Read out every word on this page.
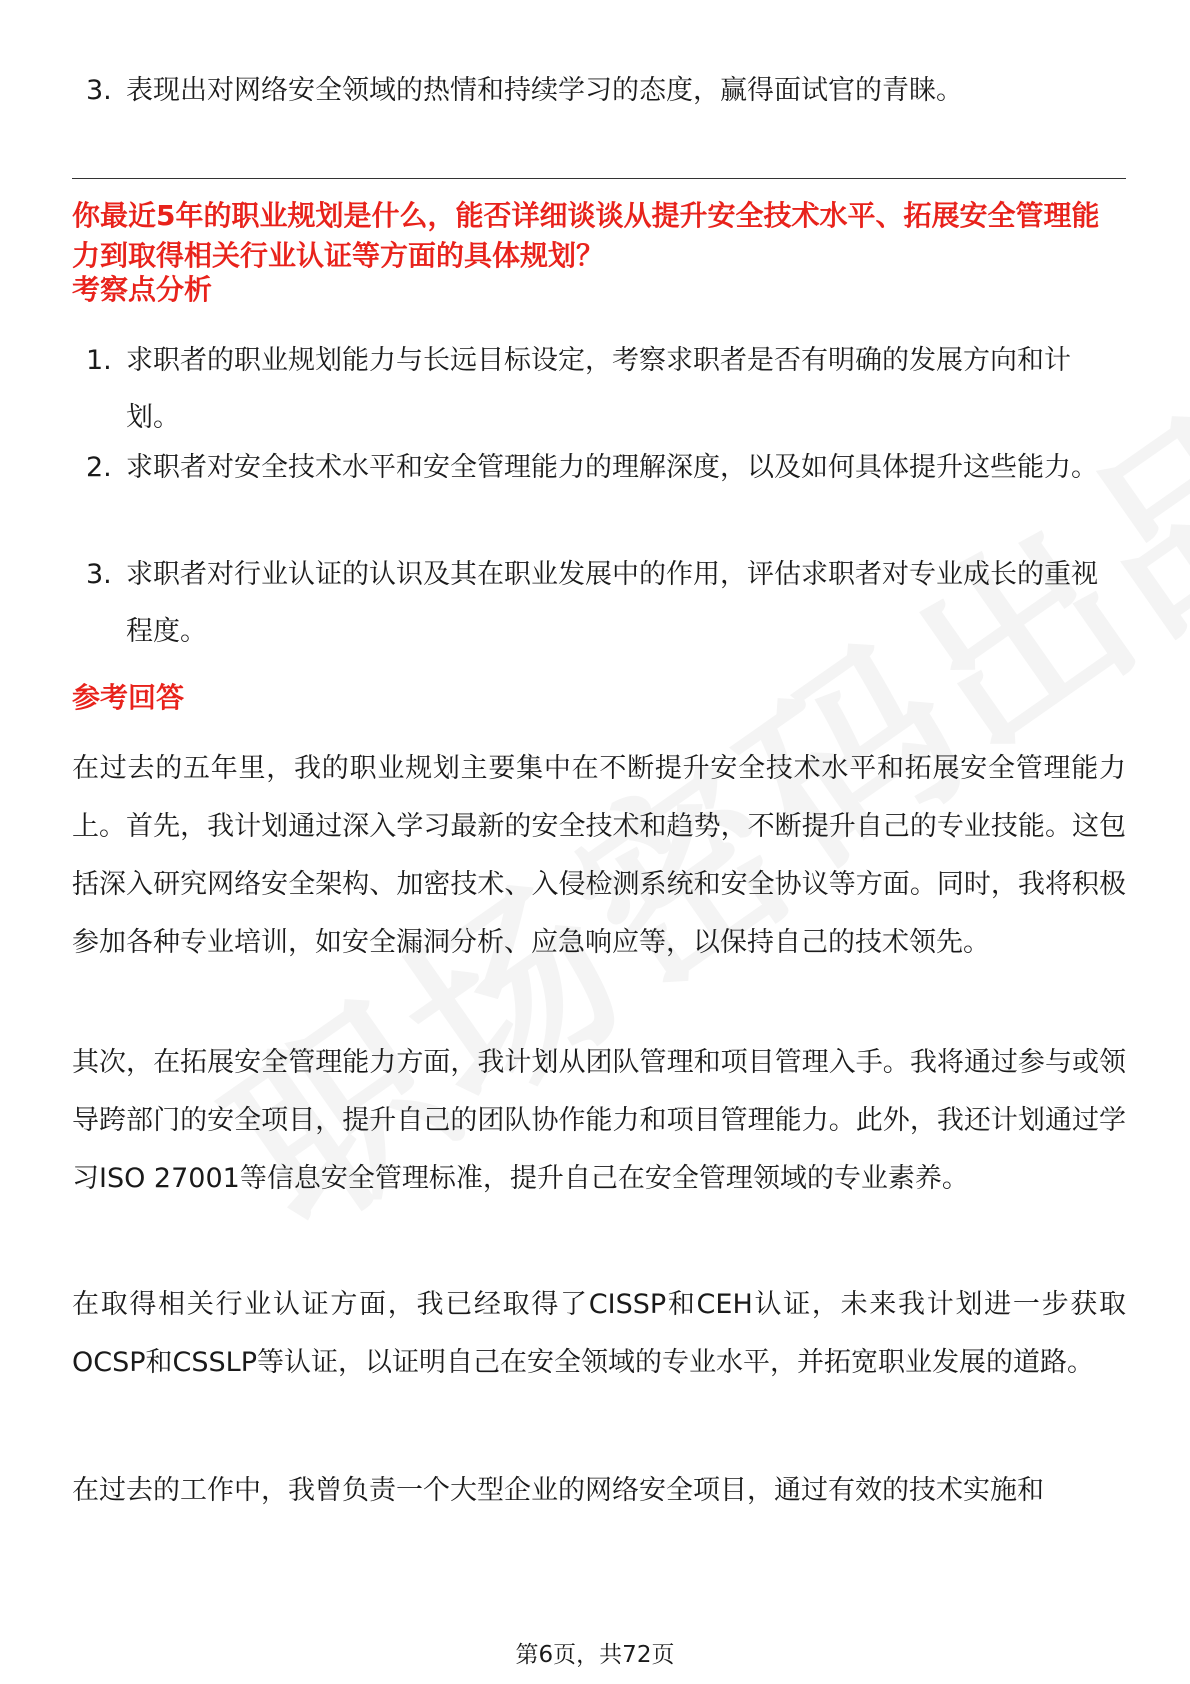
3. 表现出对网络安全领域的热情和持续学习的态度，赢得面试官的青睐。
你最近5年的职业规划是什么，能否详细谈谈从提升安全技术水平、拓展安全管理能力到取得相关行业认证等方面的具体规划？
考察点分析
1. 求职者的职业规划能力与长远目标设定，考察求职者是否有明确的发展方向和计划。
2. 求职者对安全技术水平和安全管理能力的理解深度，以及如何具体提升这些能力。
3. 求职者对行业认证的认识及其在职业发展中的作用，评估求职者对专业成长的重视程度。
参考回答
在过去的五年里，我的职业规划主要集中在不断提升安全技术水平和拓展安全管理能力上。首先，我计划通过深入学习最新的安全技术和趋势，不断提升自己的专业技能。这包括深入研究网络安全架构、加密技术、入侵检测系统和安全协议等方面。同时，我将积极参加各种专业培训，如安全漏洞分析、应急响应等，以保持自己的技术领先。
其次，在拓展安全管理能力方面，我计划从团队管理和项目管理入手。我将通过参与或领导跨部门的安全项目，提升自己的团队协作能力和项目管理能力。此外，我还计划通过学习ISO 27001等信息安全管理标准，提升自己在安全管理领域的专业素养。
在取得相关行业认证方面，我已经取得了CISSP和CEH认证，未来我计划进一步获取OCSP和CSSLP等认证，以证明自己在安全领域的专业水平，并拓宽职业发展的道路。
在过去的工作中，我曾负责一个大型企业的网络安全项目，通过有效的技术实施和
第6页，共72页
